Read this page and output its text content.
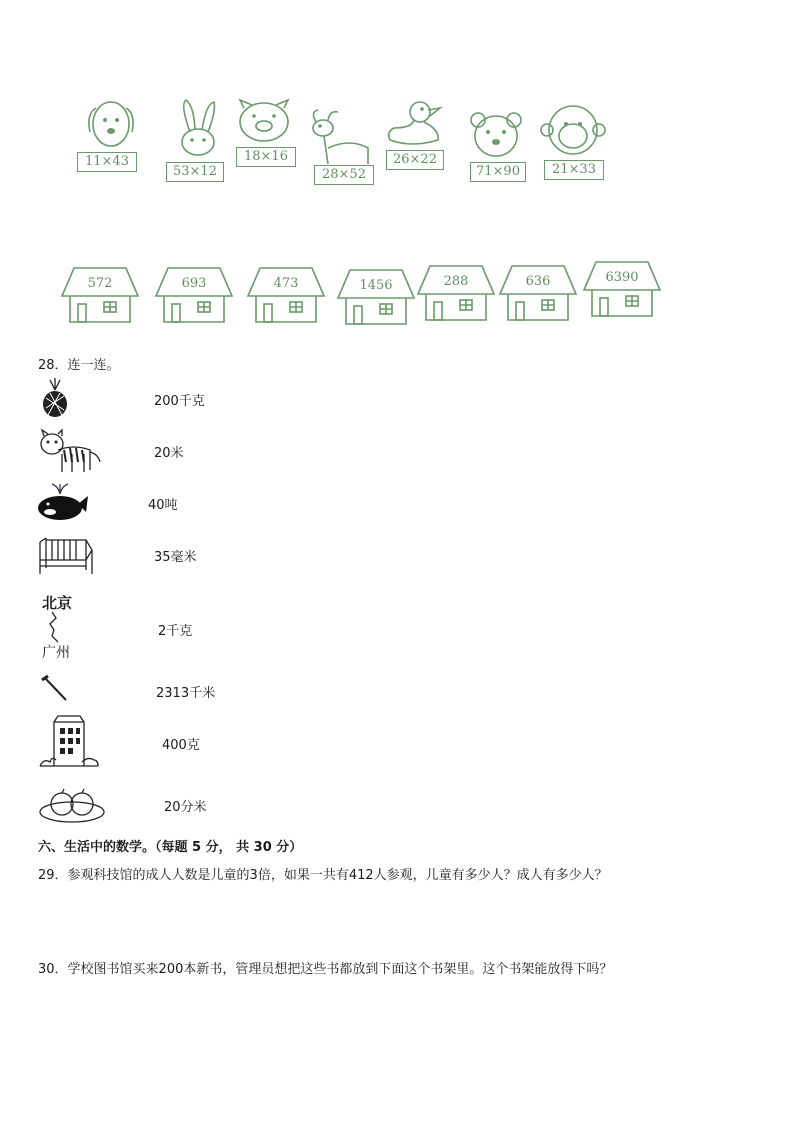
11×43
53×12
18×16
28×52
26×22
71×90	21×33
572	693	473	1456	288	636	6390
28．连一连。
200千克
20米
40吨
35毫米
北京
广州
2千克
2313千米
400克
20分米
六、生活中的数学。（每题 5 分， 共 30 分）
29．参观科技馆的成人人数是儿童的3倍，如果一共有412人参观，儿童有多少人？成人有多少人？
30．学校图书馆买来200本新书，管理员想把这些书都放到下面这个书架里。这个书架能放得下吗？
